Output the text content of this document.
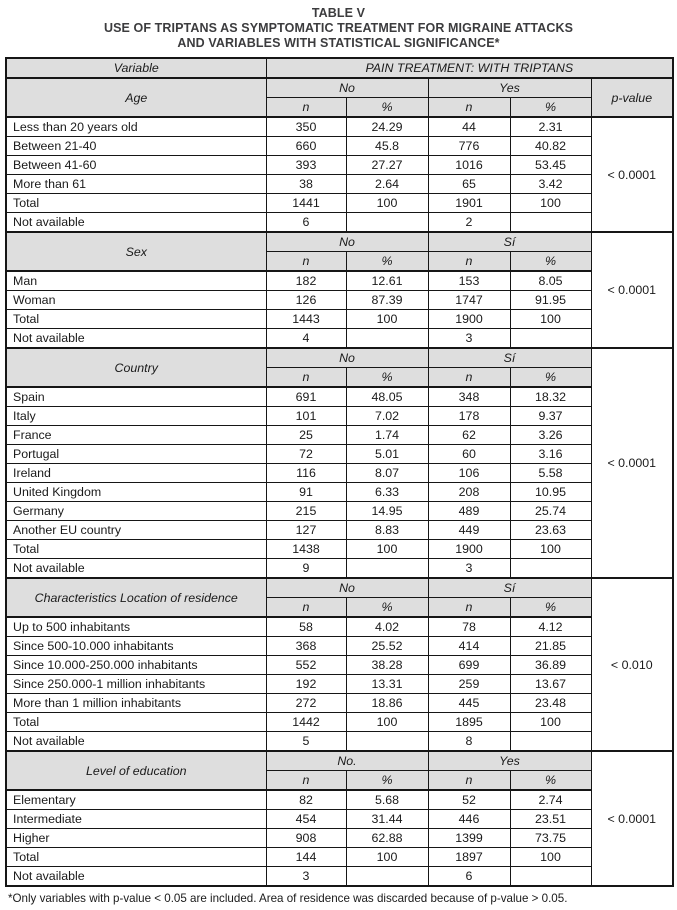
TABLE V
USE OF TRIPTANS AS SYMPTOMATIC TREATMENT FOR MIGRAINE ATTACKS
AND VARIABLES WITH STATISTICAL SIGNIFICANCE*
Variable	PAIN TREATMENT: WITH TRIPTANS				
Age	No		Yes		p-value
	n	%	n	%	
Less than 20 years old	350	24.29	44	2.31	< 0.0001
Between 21-40	660	45.8	776	40.82	
Between 41-60	393	27.27	1016	53.45	
More than 61	38	2.64	65	3.42	
Total	1441	100	1901	100	
Not available	6		2		
Sex	No		Sí		< 0.0001
	n	%	n	%	
Man	182	12.61	153	8.05	
Woman	126	87.39	1747	91.95	
Total	1443	100	1900	100	
Not available	4		3		
Country	No		Sí		< 0.0001
	n	%	n	%	
Spain	691	48.05	348	18.32	
Italy	101	7.02	178	9.37	
France	25	1.74	62	3.26	
Portugal	72	5.01	60	3.16	
Ireland	116	8.07	106	5.58	
United Kingdom	91	6.33	208	10.95	
Germany	215	14.95	489	25.74	
Another EU country	127	8.83	449	23.63	
Total	1438	100	1900	100	
Not available	9		3		
Characteristics Location of residence	No		Sí		< 0.010
	n	%	n	%	
Up to 500 inhabitants	58	4.02	78	4.12	
Since 500-10.000 inhabitants	368	25.52	414	21.85	
Since 10.000-250.000 inhabitants	552	38.28	699	36.89	
Since 250.000-1 million inhabitants	192	13.31	259	13.67	
More than 1 million inhabitants	272	18.86	445	23.48	
Total	1442	100	1895	100	
Not available	5		8		
Level of education	No.		Yes		< 0.0001
	n	%	n	%	
Elementary	82	5.68	52	2.74	
Intermediate	454	31.44	446	23.51	
Higher	908	62.88	1399	73.75	
Total	144	100	1897	100	
Not available	3		6		
*Only variables with p-value < 0.05 are included. Area of residence was discarded because of p-value > 0.05.
